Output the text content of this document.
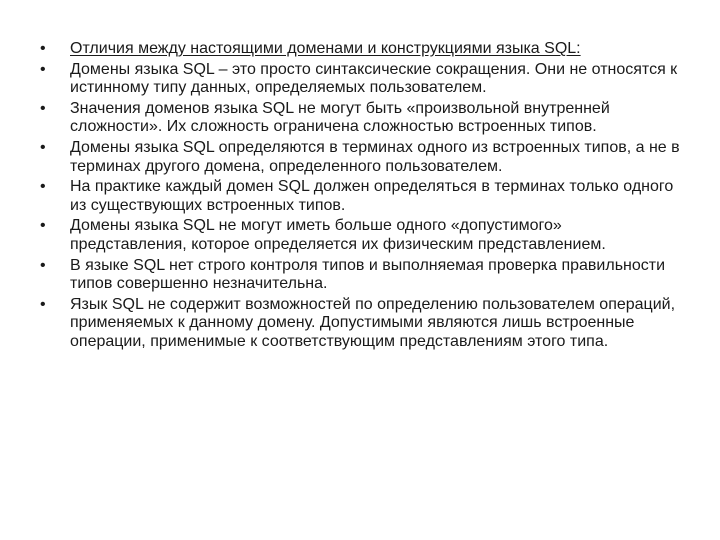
•	Отличия между настоящими доменами и конструкциями языка SQL:
•	Домены языка SQL – это просто синтаксические сокращения. Они не относятся к истинному типу данных, определяемых пользователем.
•	Значения доменов языка SQL не могут быть «произвольной внутренней сложности». Их сложность ограничена сложностью встроенных типов.
•	Домены языка SQL определяются в терминах одного из встроенных типов, а не в терминах другого домена, определенного пользователем.
•	На практике каждый домен SQL должен определяться в терминах только одного из существующих встроенных типов.
•	Домены языка SQL не могут иметь больше одного «допустимого» представления, которое определяется их физическим представлением.
•	В языке SQL нет строго контроля типов и выполняемая проверка правильности типов совершенно незначительна.
•	Язык SQL не содержит возможностей по определению пользователем операций, применяемых к данному домену. Допустимыми являются лишь встроенные операции, применимые к соответствующим представлениям этого типа.
